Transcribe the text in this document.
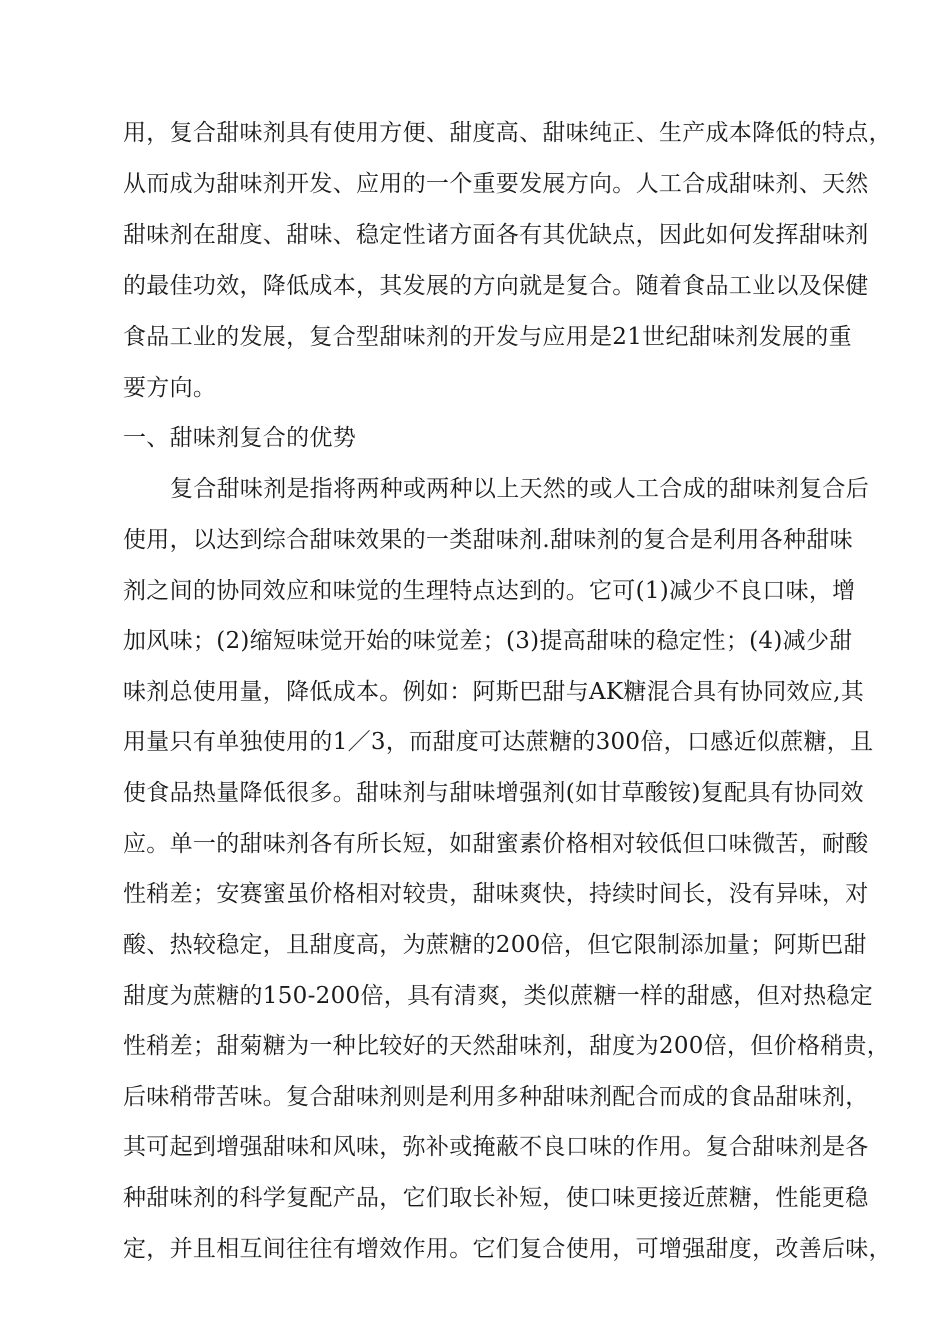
用，复合甜味剂具有使用方便、甜度高、甜味纯正、生产成本降低的特点，
从而成为甜味剂开发、应用的一个重要发展方向。人工合成甜味剂、天然
甜味剂在甜度、甜味、稳定性诸方面各有其优缺点，因此如何发挥甜味剂
的最佳功效，降低成本，其发展的方向就是复合。随着食品工业以及保健
食品工业的发展，复合型甜味剂的开发与应用是21世纪甜味剂发展的重
要方向。
一、甜味剂复合的优势
复合甜味剂是指将两种或两种以上天然的或人工合成的甜味剂复合后
使用，以达到综合甜味效果的一类甜味剂.甜味剂的复合是利用各种甜味
剂之间的协同效应和味觉的生理特点达到的。它可(1)减少不良口味，增
加风味；(2)缩短味觉开始的味觉差；(3)提高甜味的稳定性；(4)减少甜
味剂总使用量，降低成本。例如：阿斯巴甜与AK糖混合具有协同效应,其
用量只有单独使用的1／3，而甜度可达蔗糖的300倍，口感近似蔗糖，且
使食品热量降低很多。甜味剂与甜味增强剂(如甘草酸铵)复配具有协同效
应。单一的甜味剂各有所长短，如甜蜜素价格相对较低但口味微苦，耐酸
性稍差；安赛蜜虽价格相对较贵，甜味爽快，持续时间长，没有异味，对
酸、热较稳定，且甜度高，为蔗糖的200倍，但它限制添加量；阿斯巴甜
甜度为蔗糖的150-200倍，具有清爽，类似蔗糖一样的甜感，但对热稳定
性稍差；甜菊糖为一种比较好的天然甜味剂，甜度为200倍，但价格稍贵，
后味稍带苦味。复合甜味剂则是利用多种甜味剂配合而成的食品甜味剂，
其可起到增强甜味和风味，弥补或掩蔽不良口味的作用。复合甜味剂是各
种甜味剂的科学复配产品，它们取长补短，使口味更接近蔗糖，性能更稳
定，并且相互间往往有增效作用。它们复合使用，可增强甜度，改善后味，
